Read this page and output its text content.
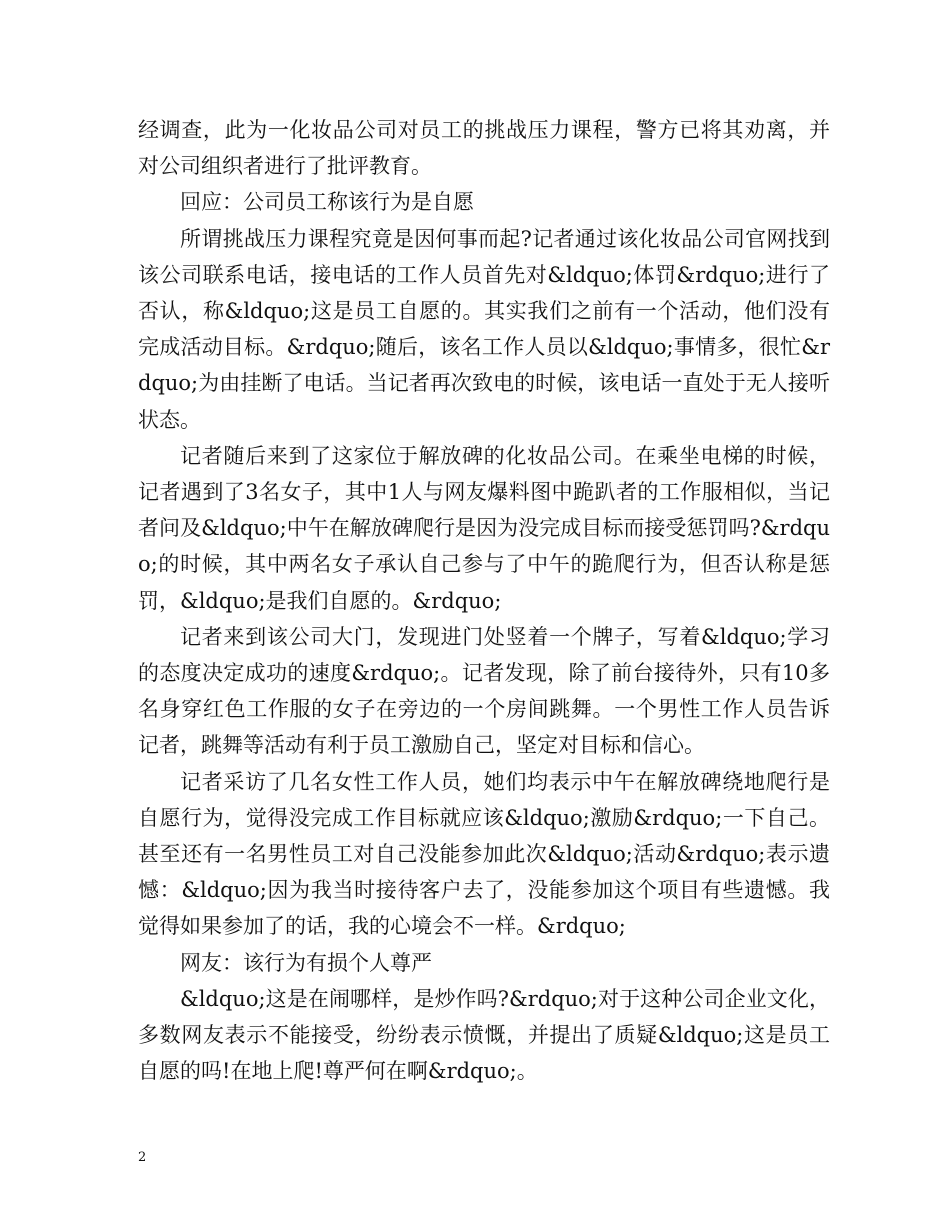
经调查，此为一化妆品公司对员工的挑战压力课程，警方已将其劝离，并对公司组织者进行了批评教育。

回应：公司员工称该行为是自愿

所谓挑战压力课程究竟是因何事而起?记者通过该化妆品公司官网找到该公司联系电话，接电话的工作人员首先对&ldquo;体罚&rdquo;进行了否认，称&ldquo;这是员工自愿的。其实我们之前有一个活动，他们没有完成活动目标。&rdquo;随后，该名工作人员以&ldquo;事情多，很忙&rdquo;为由挂断了电话。当记者再次致电的时候，该电话一直处于无人接听状态。

记者随后来到了这家位于解放碑的化妆品公司。在乘坐电梯的时候，记者遇到了3名女子，其中1人与网友爆料图中跪趴者的工作服相似，当记者问及&ldquo;中午在解放碑爬行是因为没完成目标而接受惩罚吗?&rdquo;的时候，其中两名女子承认自己参与了中午的跪爬行为，但否认称是惩罚，&ldquo;是我们自愿的。&rdquo;

记者来到该公司大门，发现进门处竖着一个牌子，写着&ldquo;学习的态度决定成功的速度&rdquo;。记者发现，除了前台接待外，只有10多名身穿红色工作服的女子在旁边的一个房间跳舞。一个男性工作人员告诉记者，跳舞等活动有利于员工激励自己，坚定对目标和信心。

记者采访了几名女性工作人员，她们均表示中午在解放碑绕地爬行是自愿行为，觉得没完成工作目标就应该&ldquo;激励&rdquo;一下自己。甚至还有一名男性员工对自己没能参加此次&ldquo;活动&rdquo;表示遗憾：&ldquo;因为我当时接待客户去了，没能参加这个项目有些遗憾。我觉得如果参加了的话，我的心境会不一样。&rdquo;

网友：该行为有损个人尊严

&ldquo;这是在闹哪样，是炒作吗?&rdquo;对于这种公司企业文化，多数网友表示不能接受，纷纷表示愤慨，并提出了质疑&ldquo;这是员工自愿的吗!在地上爬!尊严何在啊&rdquo;。

2
